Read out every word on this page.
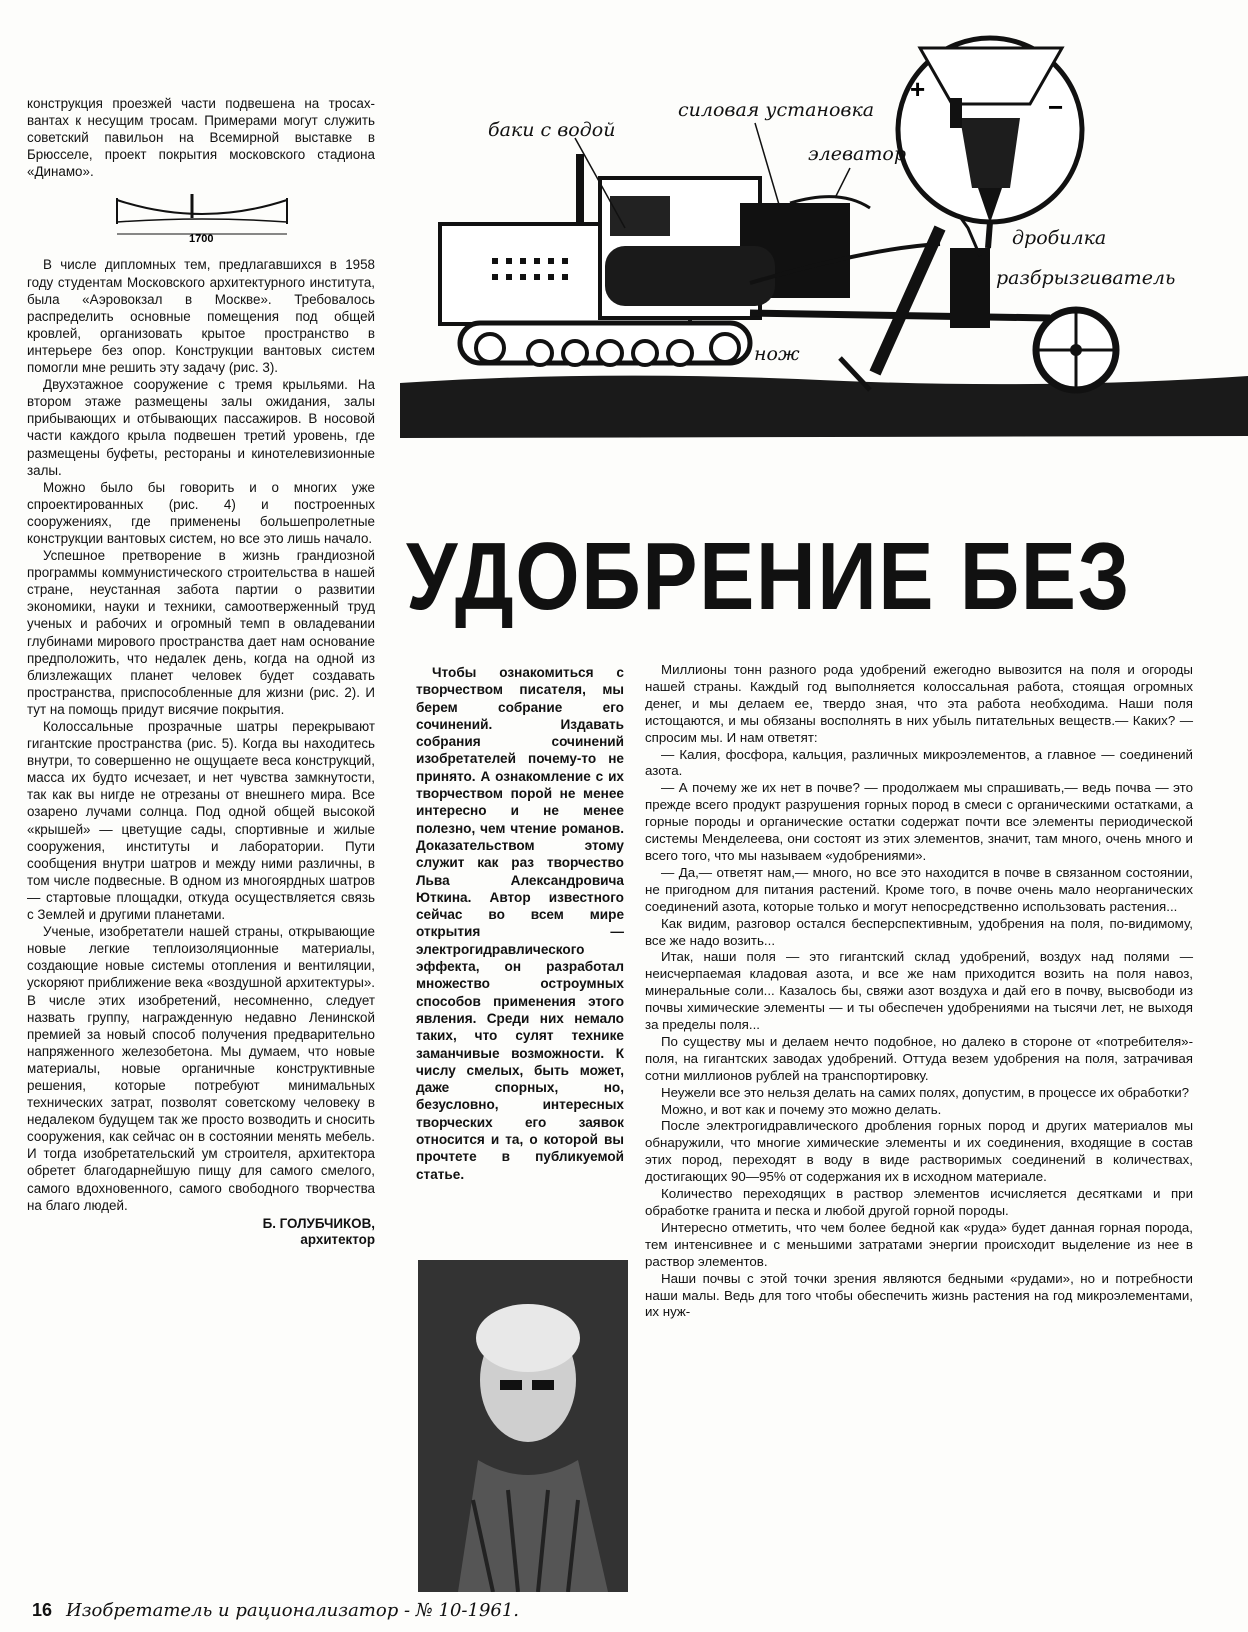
конструкция проезжей части подвешена на тросах-вантах к несущим тросам. Примерами могут служить советский павильон на Всемирной выставке в Брюсселе, проект покрытия московского стадиона «Динамо».

1700

В числе дипломных тем, предлагавшихся в 1958 году студентам Московского архитектурного института, была «Аэровокзал в Москве». Требовалось распределить основные помещения под общей кровлей, организовать крытое пространство в интерьере без опор. Конструкции вантовых систем помогли мне решить эту задачу (рис. 3).

Двухэтажное сооружение с тремя крыльями. На втором этаже размещены залы ожидания, залы прибывающих и отбывающих пассажиров. В носовой части каждого крыла подвешен третий уровень, где размещены буфеты, рестораны и кинотелевизионные залы.

Можно было бы говорить и о многих уже спроектированных (рис. 4) и построенных сооружениях, где применены большепролетные конструкции вантовых систем, но все это лишь начало.

Успешное претворение в жизнь грандиозной программы коммунистического строительства в нашей стране, неустанная забота партии о развитии экономики, науки и техники, самоотверженный труд ученых и рабочих и огромный темп в овладевании глубинами мирового пространства дает нам основание предположить, что недалек день, когда на одной из близлежащих планет человек будет создавать пространства, приспособленные для жизни (рис. 2). И тут на помощь придут висячие покрытия.

Колоссальные прозрачные шатры перекрывают гигантские пространства (рис. 5). Когда вы находитесь внутри, то совершенно не ощущаете веса конструкций, масса их будто исчезает, и нет чувства замкнутости, так как вы нигде не отрезаны от внешнего мира. Все озарено лучами солнца. Под одной общей высокой «крышей» — цветущие сады, спортивные и жилые сооружения, институты и лаборатории. Пути сообщения внутри шатров и между ними различны, в том числе подвесные. В одном из многоярдных шатров — стартовые площадки, откуда осуществляется связь с Землей и другими планетами.

Ученые, изобретатели нашей страны, открывающие новые легкие теплоизоляционные материалы, создающие новые системы отопления и вентиляции, ускоряют приближение века «воздушной архитектуры». В числе этих изобретений, несомненно, следует назвать группу, награжденную недавно Ленинской премией за новый способ получения предварительно напряженного железобетона. Мы думаем, что новые материалы, новые органичные конструктивные решения, которые потребуют минимальных технических затрат, позволят советскому человеку в недалеком будущем так же просто возводить и сносить сооружения, как сейчас он в состоянии менять мебель. И тогда изобретательский ум строителя, архитектора обретет благодарнейшую пищу для самого смелого, самого вдохновенного, самого свободного творчества на благо людей.

Б. ГОЛУБЧИКОВ,
архитектор
+
−
баки с водой
силовая установка
элеватор
дробилка
разбрызгиватель
нож
УДОБРЕНИЕ БЕЗ

Чтобы ознакомиться с творчеством писателя, мы берем собрание его сочинений. Издавать собрания сочинений изобретателей почему-то не принято. А ознакомление с их творчеством порой не менее интересно и не менее полезно, чем чтение романов. Доказательством этому служит как раз творчество Льва Александровича Юткина. Автор известного сейчас во всем мире открытия — электрогидравлического эффекта, он разработал множество остроумных способов применения этого явления. Среди них немало таких, что сулят технике заманчивые возможности. К числу смелых, быть может, даже спорных, но, безусловно, интересных творческих его заявок относится и та, о которой вы прочтете в публикуемой статье.

Миллионы тонн разного рода удобрений ежегодно вывозится на поля и огороды нашей страны. Каждый год выполняется колоссальная работа, стоящая огромных денег, и мы делаем ее, твердо зная, что эта работа необходима. Наши поля истощаются, и мы обязаны восполнять в них убыль питательных веществ.— Каких? — спросим мы. И нам ответят:

— Калия, фосфора, кальция, различных микроэлементов, а главное — соединений азота.

— А почему же их нет в почве? — продолжаем мы спрашивать,— ведь почва — это прежде всего продукт разрушения горных пород в смеси с органическими остатками, а горные породы и органические остатки содержат почти все элементы периодической системы Менделеева, они состоят из этих элементов, значит, там много, очень много и всего того, что мы называем «удобрениями».

— Да,— ответят нам,— много, но все это находится в почве в связанном состоянии, не пригодном для питания растений. Кроме того, в почве очень мало неорганических соединений азота, которые только и могут непосредственно использовать растения...

Как видим, разговор остался бесперспективным, удобрения на поля, по-видимому, все же надо возить...

Итак, наши поля — это гигантский склад удобрений, воздух над полями — неисчерпаемая кладовая азота, и все же нам приходится возить на поля навоз, минеральные соли... Казалось бы, свяжи азот воздуха и дай его в почву, высвободи из почвы химические элементы — и ты обеспечен удобрениями на тысячи лет, не выходя за пределы поля...

По существу мы и делаем нечто подобное, но далеко в стороне от «потребителя»-поля, на гигантских заводах удобрений. Оттуда везем удобрения на поля, затрачивая сотни миллионов рублей на транспортировку.

Неужели все это нельзя делать на самих полях, допустим, в процессе их обработки?

Можно, и вот как и почему это можно делать.

После электрогидравлического дробления горных пород и других материалов мы обнаружили, что многие химические элементы и их соединения, входящие в состав этих пород, переходят в воду в виде растворимых соединений в количествах, достигающих 90—95% от содержания их в исходном материале.

Количество переходящих в раствор элементов исчисляется десятками и при обработке гранита и песка и любой другой горной породы.

Интересно отметить, что чем более бедной как «руда» будет данная горная порода, тем интенсивнее и с меньшими затратами энергии происходит выделение из нее в раствор элементов.

Наши почвы с этой точки зрения являются бедными «рудами», но и потребности наши малы. Ведь для того чтобы обеспечить жизнь растения на год микроэлементами, их нуж-

16 Изобретатель и рационализатор - № 10-1961.
